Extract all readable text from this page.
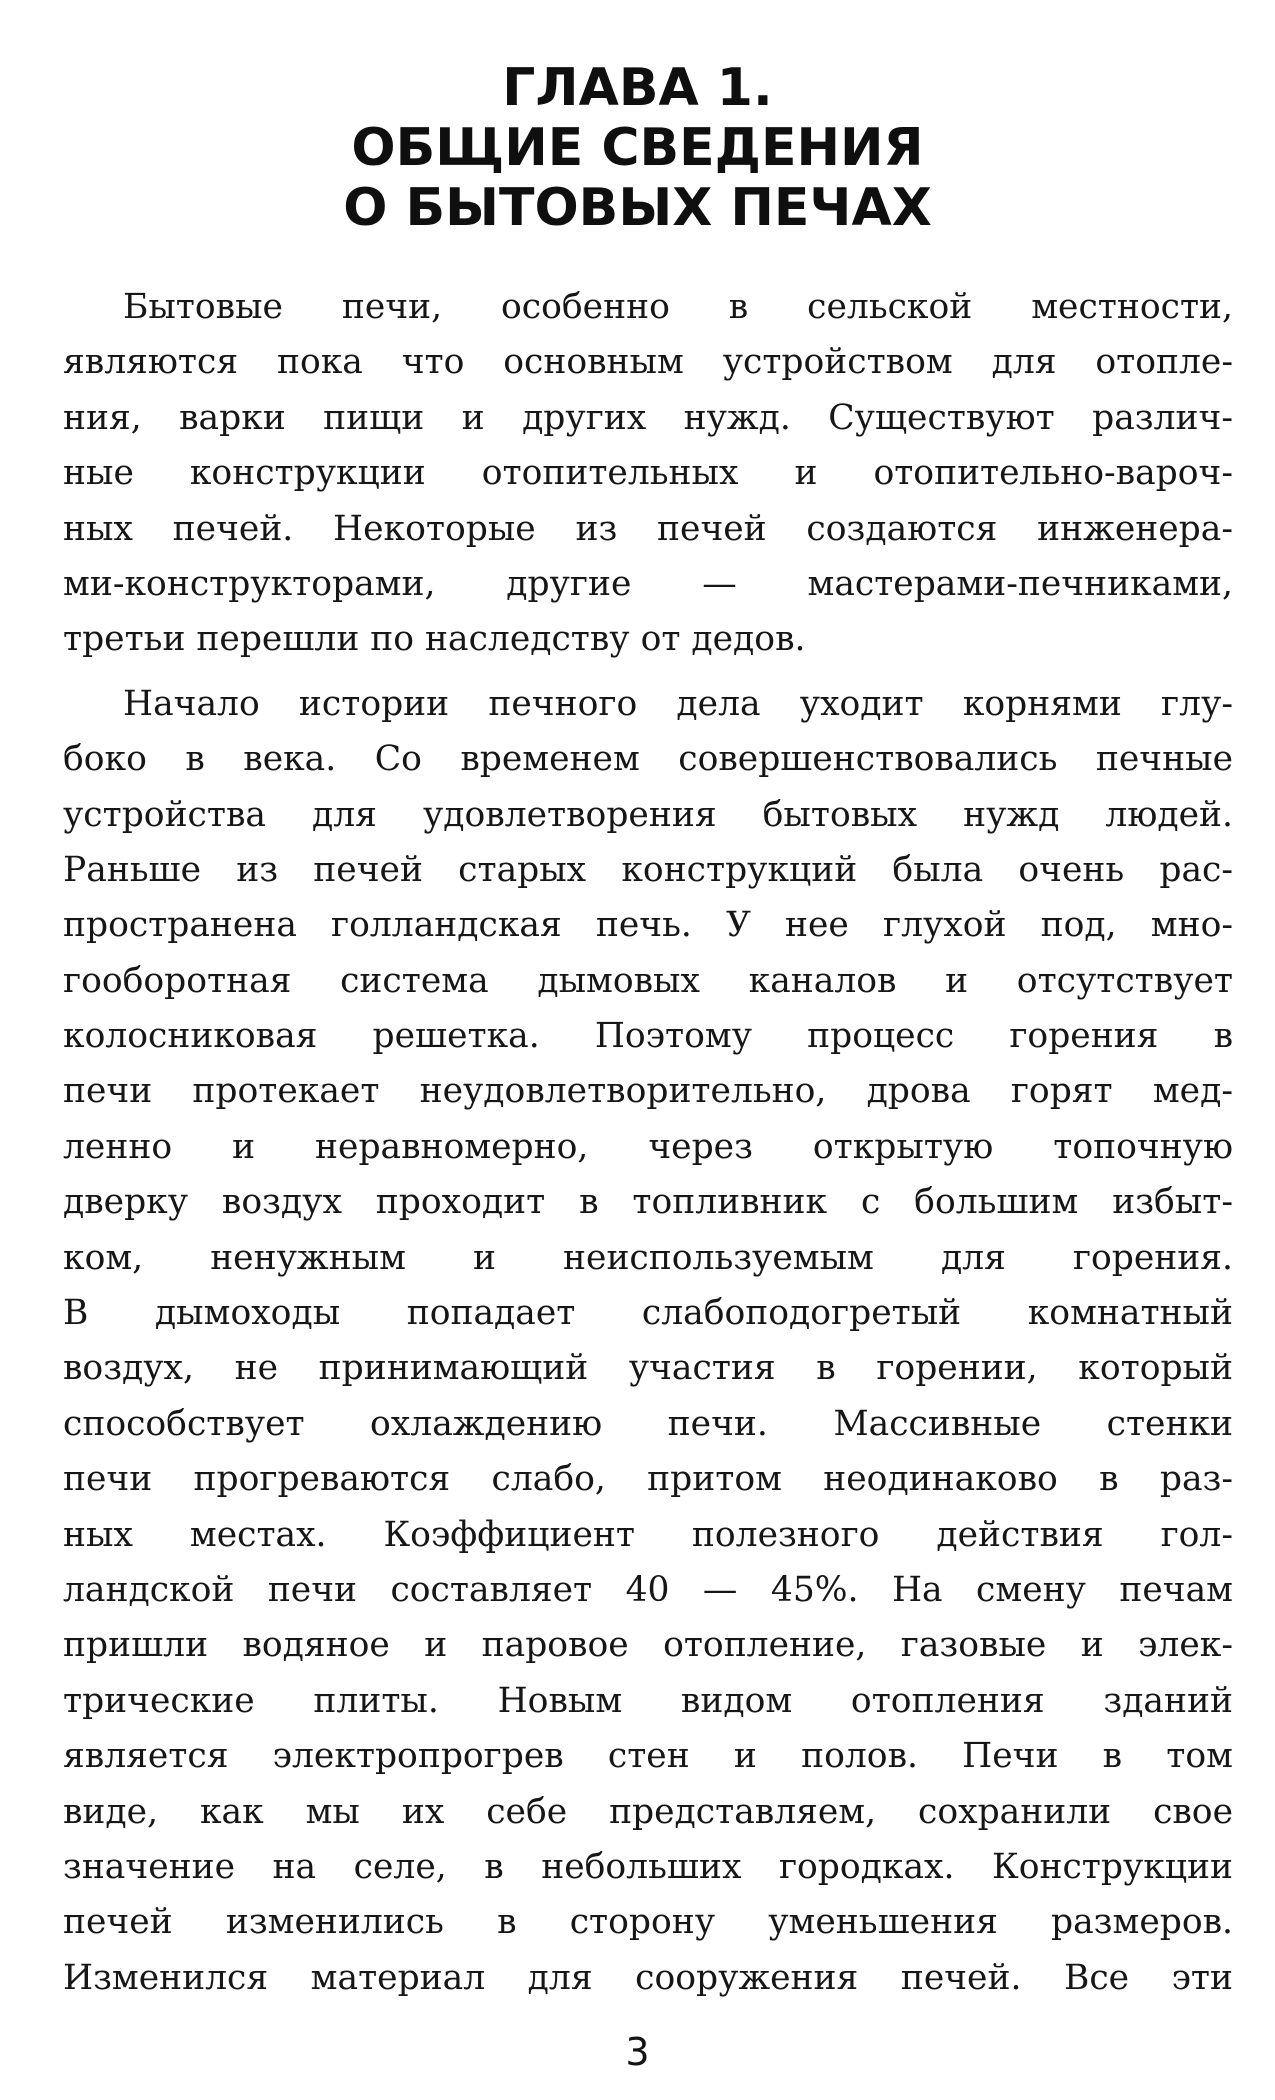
ГЛАВА 1.
ОБЩИЕ СВЕДЕНИЯ
О БЫТОВЫХ ПЕЧАХ
Бытовые печи, особенно в сельской местности,
являются пока что основным устройством для отопле-
ния, варки пищи и других нужд. Существуют различ-
ные конструкции отопительных и отопительно-вароч-
ных печей. Некоторые из печей создаются инженера-
ми-конструкторами, другие — мастерами-печниками,
третьи перешли по наследству от дедов.
Начало истории печного дела уходит корнями глу-
боко в века. Со временем совершенствовались печные
устройства для удовлетворения бытовых нужд людей.
Раньше из печей старых конструкций была очень рас-
пространена голландская печь. У нее глухой под, мно-
гооборотная система дымовых каналов и отсутствует
колосниковая решетка. Поэтому процесс горения в
печи протекает неудовлетворительно, дрова горят мед-
ленно и неравномерно, через открытую топочную
дверку воздух проходит в топливник с большим избыт-
ком, ненужным и неиспользуемым для горения.
В дымоходы попадает слабоподогретый комнатный
воздух, не принимающий участия в горении, который
способствует охлаждению печи. Массивные стенки
печи прогреваются слабо, притом неодинаково в раз-
ных местах. Коэффициент полезного действия гол-
ландской печи составляет 40 — 45%. На смену печам
пришли водяное и паровое отопление, газовые и элек-
трические плиты. Новым видом отопления зданий
является электропрогрев стен и полов. Печи в том
виде, как мы их себе представляем, сохранили свое
значение на селе, в небольших городках. Конструкции
печей изменились в сторону уменьшения размеров.
Изменился материал для сооружения печей. Все эти
3
